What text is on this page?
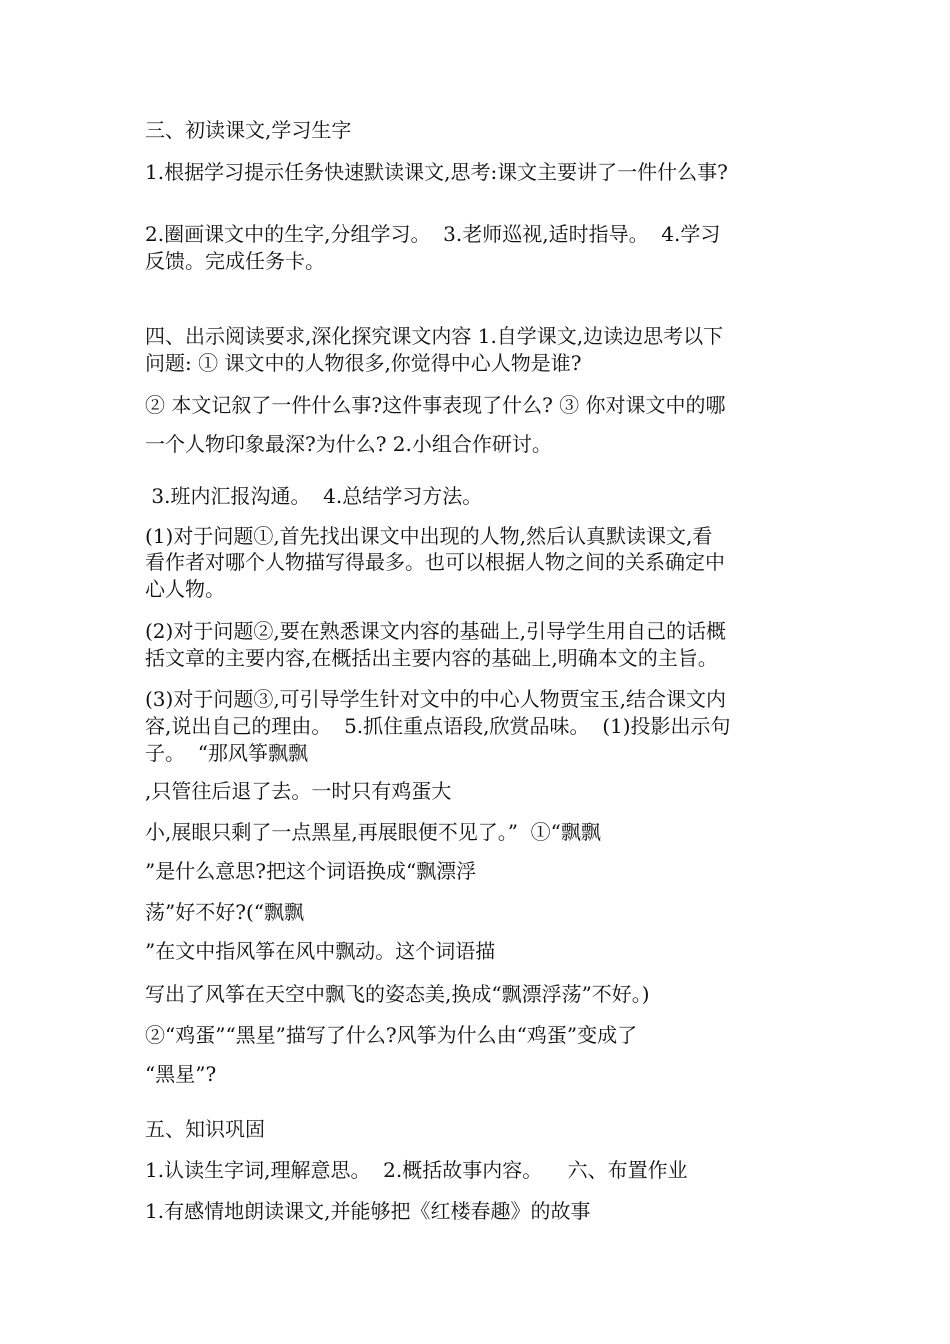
三、初读课文,学习生字
1.根据学习提示任务快速默读课文,思考:课文主要讲了一件什么事?
2.圈画课文中的生字,分组学习。  3.老师巡视,适时指导。  4.学习
反馈。完成任务卡。
四、出示阅读要求,深化探究课文内容 1.自学课文,边读边思考以下
问题: ① 课文中的人物很多,你觉得中心人物是谁?
② 本文记叙了一件什么事?这件事表现了什么? ③ 你对课文中的哪
一个人物印象最深?为什么? 2.小组合作研讨。
3.班内汇报沟通。  4.总结学习方法。
(1)对于问题①,首先找出课文中出现的人物,然后认真默读课文,看
看作者对哪个人物描写得最多。也可以根据人物之间的关系确定中
心人物。
(2)对于问题②,要在熟悉课文内容的基础上,引导学生用自己的话概
括文章的主要内容,在概括出主要内容的基础上,明确本文的主旨。
(3)对于问题③,可引导学生针对文中的中心人物贾宝玉,结合课文内
容,说出自己的理由。  5.抓住重点语段,欣赏品味。  (1)投影出示句
子。  “那风筝飘飘
,只管往后退了去。一时只有鸡蛋大
小,展眼只剩了一点黑星,再展眼便不见了。”  ①“飘飘
”是什么意思?把这个词语换成“飘漂浮
荡”好不好?(“飘飘
”在文中指风筝在风中飘动。这个词语描
写出了风筝在天空中飘飞的姿态美,换成“飘漂浮荡”不好。)
②“鸡蛋”“黑星”描写了什么?风筝为什么由“鸡蛋”变成了
“黑星”?
五、知识巩固
1.认读生字词,理解意思。  2.概括故事内容。    六、布置作业
1.有感情地朗读课文,并能够把《红楼春趣》的故事
